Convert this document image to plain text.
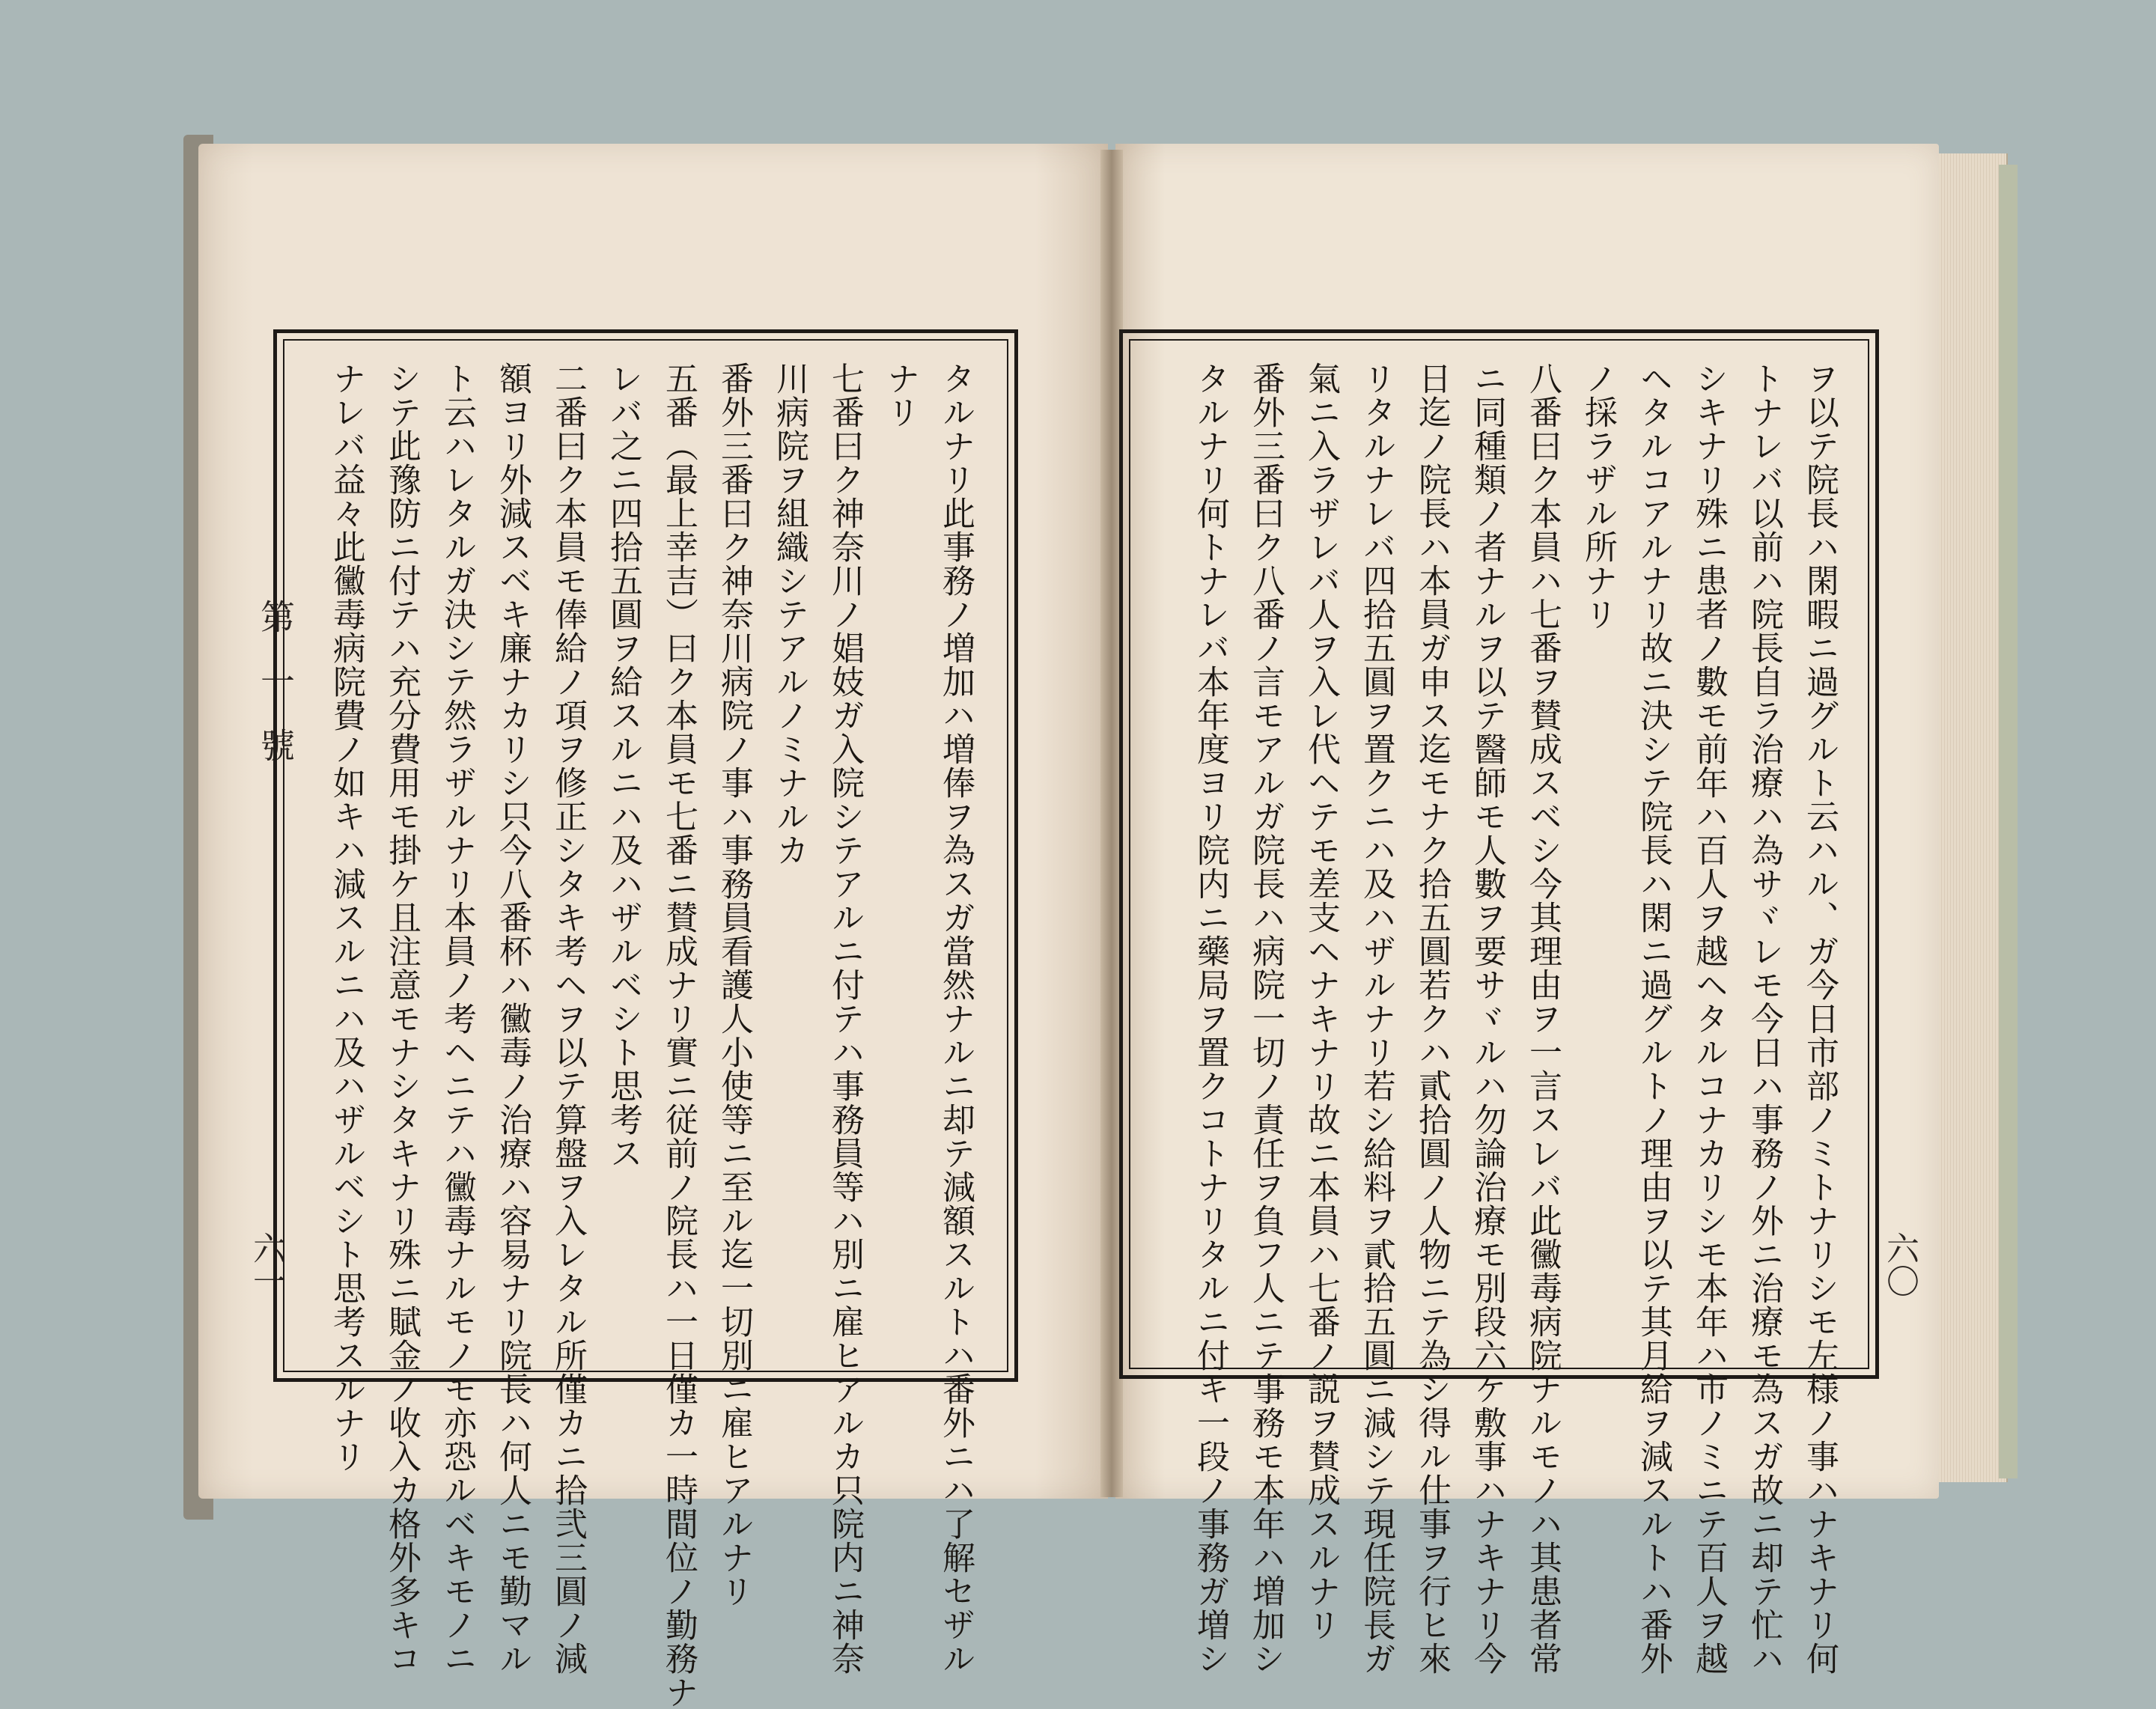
第一號
六一	六〇
タルナリ此事務ノ増加ハ増俸ヲ為スガ當然ナルニ却テ減額スルトハ番外ニハ了解セザル
ナリ
七番曰ク神奈川ノ娼妓ガ入院シテアルニ付テハ事務員等ハ別ニ雇ヒアルカ只院内ニ神奈
川病院ヲ組織シテアルノミナルカ
番外三番曰ク神奈川病院ノ事ハ事務員看護人小使等ニ至ル迄一切別ニ雇ヒアルナリ
五番（最上幸吉）曰ク本員モ七番ニ賛成ナリ實ニ従前ノ院長ハ一日僅カ一時間位ノ勤務ナ
レバ之ニ四拾五圓ヲ給スルニハ及ハザルベシト思考ス
二番曰ク本員モ俸給ノ項ヲ修正シタキ考ヘヲ以テ算盤ヲ入レタル所僅カニ拾弐三圓ノ減
額ヨリ外減スベキ廉ナカリシ只今八番杯ハ黴毒ノ治療ハ容易ナリ院長ハ何人ニモ勤マル
ト云ハレタルガ決シテ然ラザルナリ本員ノ考ヘニテハ黴毒ナルモノモ亦恐ルベキモノニ
シテ此豫防ニ付テハ充分費用モ掛ケ且注意モナシタキナリ殊ニ賦金ノ收入カ格外多キコ
ナレバ益々此黴毒病院費ノ如キハ減スルニハ及ハザルベシト思考スルナリ	ヲ以テ院長ハ閑暇ニ過グルト云ハル、ガ今日市部ノミトナリシモ左様ノ事ハナキナリ何
トナレバ以前ハ院長自ラ治療ハ為サヾレモ今日ハ事務ノ外ニ治療モ為スガ故ニ却テ忙ハ
シキナリ殊ニ患者ノ數モ前年ハ百人ヲ越ヘタルコナカリシモ本年ハ市ノミニテ百人ヲ越
ヘタルコアルナリ故ニ決シテ院長ハ閑ニ過グルトノ理由ヲ以テ其月給ヲ減スルトハ番外
ノ採ラザル所ナリ
八番曰ク本員ハ七番ヲ賛成スベシ今其理由ヲ一言スレバ此黴毒病院ナルモノハ其患者常
ニ同種類ノ者ナルヲ以テ醫師モ人數ヲ要サヾルハ勿論治療モ別段六ケ敷事ハナキナリ今
日迄ノ院長ハ本員ガ申ス迄モナク拾五圓若クハ貳拾圓ノ人物ニテ為シ得ル仕事ヲ行ヒ來
リタルナレバ四拾五圓ヲ置クニハ及ハザルナリ若シ給料ヲ貳拾五圓ニ減シテ現任院長ガ
氣ニ入ラザレバ人ヲ入レ代ヘテモ差支ヘナキナリ故ニ本員ハ七番ノ説ヲ賛成スルナリ
番外三番曰ク八番ノ言モアルガ院長ハ病院一切ノ責任ヲ負フ人ニテ事務モ本年ハ増加シ
タルナリ何トナレバ本年度ヨリ院内ニ藥局ヲ置クコトナリタルニ付キ一段ノ事務ガ増シ
